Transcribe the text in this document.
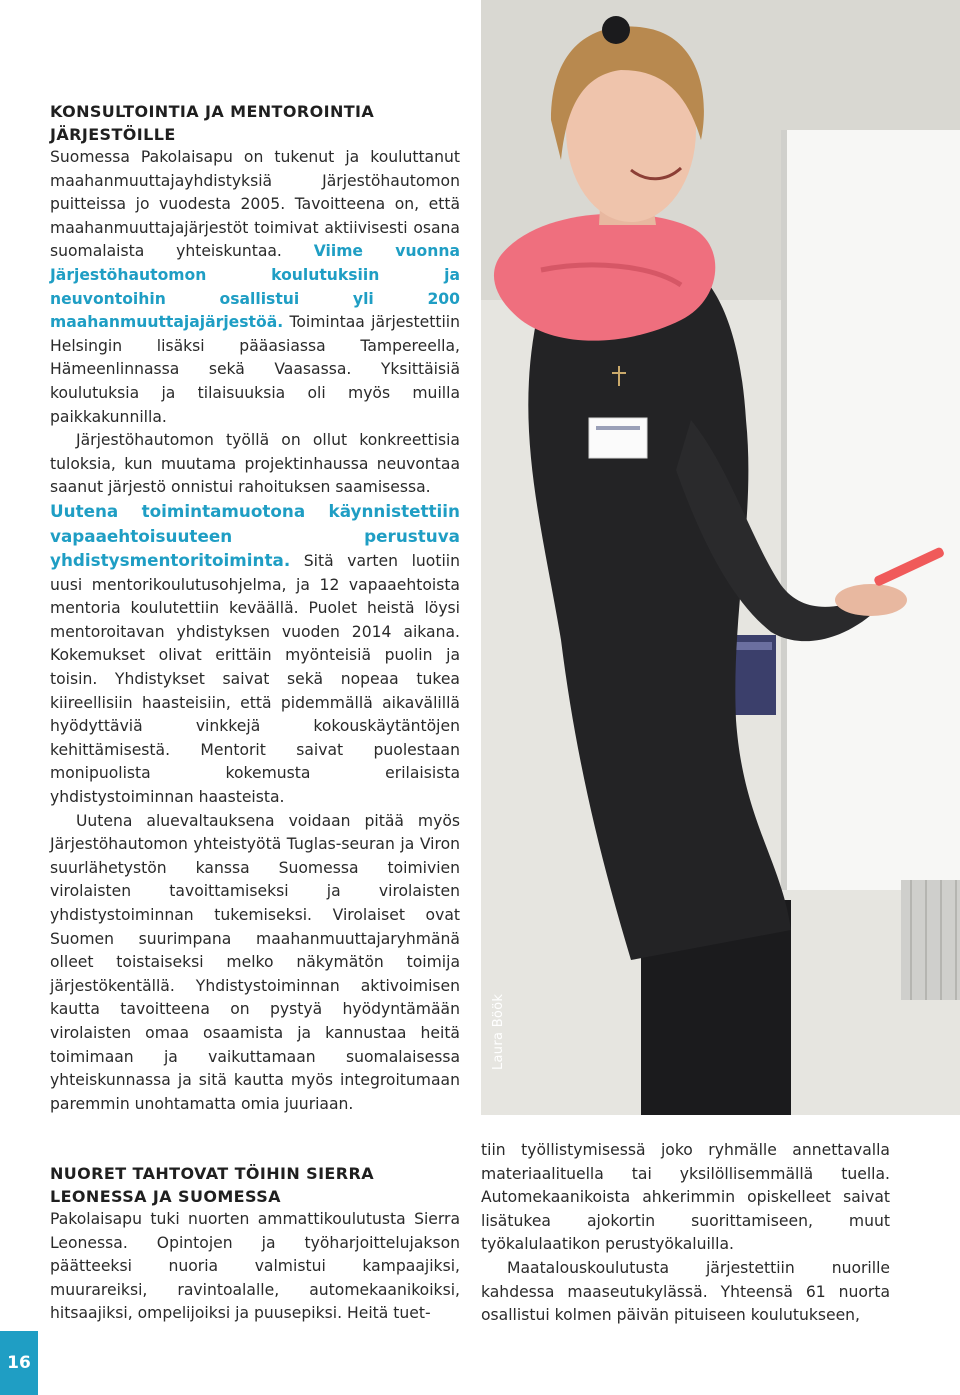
KONSULTOINTIA JA MENTOROINTIA JÄRJESTÖILLE

Suomessa Pakolaisapu on tukenut ja kouluttanut maahanmuuttajayhdistyksiä Järjestöhautomon puitteissa jo vuodesta 2005. Tavoitteena on, että maahanmuuttajajärjestöt toimivat aktiivisesti osana suomalaista yhteiskuntaa. Viime vuonna Järjestöhautomon koulutuksiin ja neuvontoihin osallistui yli 200 maahanmuuttajajärjestöä. Toimintaa järjestettiin Helsingin lisäksi pääasiassa Tampereella, Hämeenlinnassa sekä Vaasassa. Yksittäisiä koulutuksia ja tilaisuuksia oli myös muilla paikkakunnilla.

Järjestöhautomon työllä on ollut konkreettisia tuloksia, kun muutama projektinhaussa neuvontaa saanut järjestö onnistui rahoituksen saamisessa.

Uutena toimintamuotona käynnistettiin vapaaehtoisuuteen perustuva yhdistysmentoritoiminta. Sitä varten luotiin uusi mentorikoulutusohjelma, ja 12 vapaaehtoista mentoria koulutettiin keväällä. Puolet heistä löysi mentoroitavan yhdistyksen vuoden 2014 aikana. Kokemukset olivat erittäin myönteisiä puolin ja toisin. Yhdistykset saivat sekä nopeaa tukea kiireellisiin haasteisiin, että pidemmällä aikavälillä hyödyttäviä vinkkejä kokouskäytäntöjen kehittämisestä. Mentorit saivat puolestaan monipuolista kokemusta erilaisista yhdistystoiminnan haasteista.

Uutena aluevaltauksena voidaan pitää myös Järjestöhautomon yhteistyötä Tuglas-seuran ja Viron suurlähetystön kanssa Suomessa toimivien virolaisten tavoittamiseksi ja virolaisten yhdistystoiminnan tukemiseksi. Virolaiset ovat Suomen suurimpana maahanmuuttajaryhmänä olleet toistaiseksi melko näkymätön toimija järjestökentällä. Yhdistystoiminnan aktivoimisen kautta tavoitteena on pystyä hyödyntämään virolaisten omaa osaamista ja kannustaa heitä toimimaan ja vaikuttamaan suomalaisessa yhteiskunnassa ja sitä kautta myös integroitumaan paremmin unohtamatta omia juuriaan.

Laura Böök
NUORET TAHTOVAT TÖIHIN SIERRA LEONESSA JA SUOMESSA

Pakolaisapu tuki nuorten ammattikoulutusta Sierra Leonessa. Opintojen ja työharjoittelujakson päätteeksi nuoria valmistui kampaajiksi, muurareiksi, ravintoalalle, automekaanikoiksi, hitsaajiksi, ompelijoiksi ja puusepiksi. Heitä tuet-

tiin työllistymisessä joko ryhmälle annettavalla materiaalituella tai yksilöllisemmällä tuella. Automekaanikoista ahkerimmin opiskelleet saivat lisätukea ajokortin suorittamiseen, muut työkalulaatikon perustyökaluilla.

Maatalouskoulutusta järjestettiin nuorille kahdessa maaseutukylässä. Yhteensä 61 nuorta osallistui kolmen päivän pituiseen koulutukseen,

16
